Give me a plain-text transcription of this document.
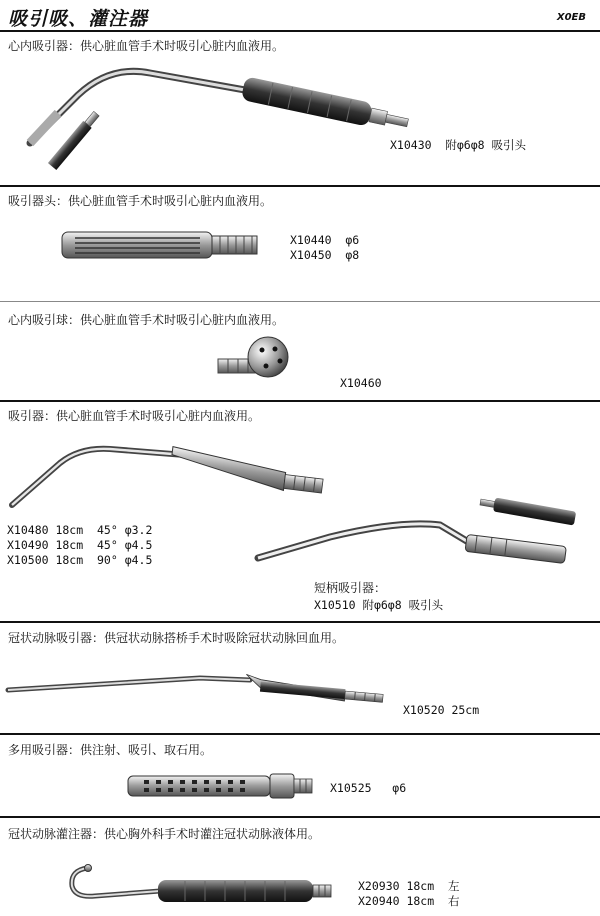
吸引吸、灌注器	X0EB
心内吸引器：供心脏血管手术时吸引心脏内血液用。
X10430  附φ6φ8 吸引头
吸引器头：供心脏血管手术时吸引心脏内血液用。
X10440  φ6
X10450  φ8
心内吸引球：供心脏血管手术时吸引心脏内血液用。
X10460
吸引器：供心脏血管手术时吸引心脏内血液用。
X10480 18cm  45° φ3.2
X10490 18cm  45° φ4.5
X10500 18cm  90° φ4.5
短柄吸引器：
X10510 附φ6φ8 吸引头
冠状动脉吸引器：供冠状动脉搭桥手术时吸除冠状动脉回血用。
X10520 25cm
多用吸引器：供注射、吸引、取石用。
X10525   φ6
冠状动脉灌注器：供心胸外科手术时灌注冠状动脉液体用。
X20930 18cm  左
X20940 18cm  右
